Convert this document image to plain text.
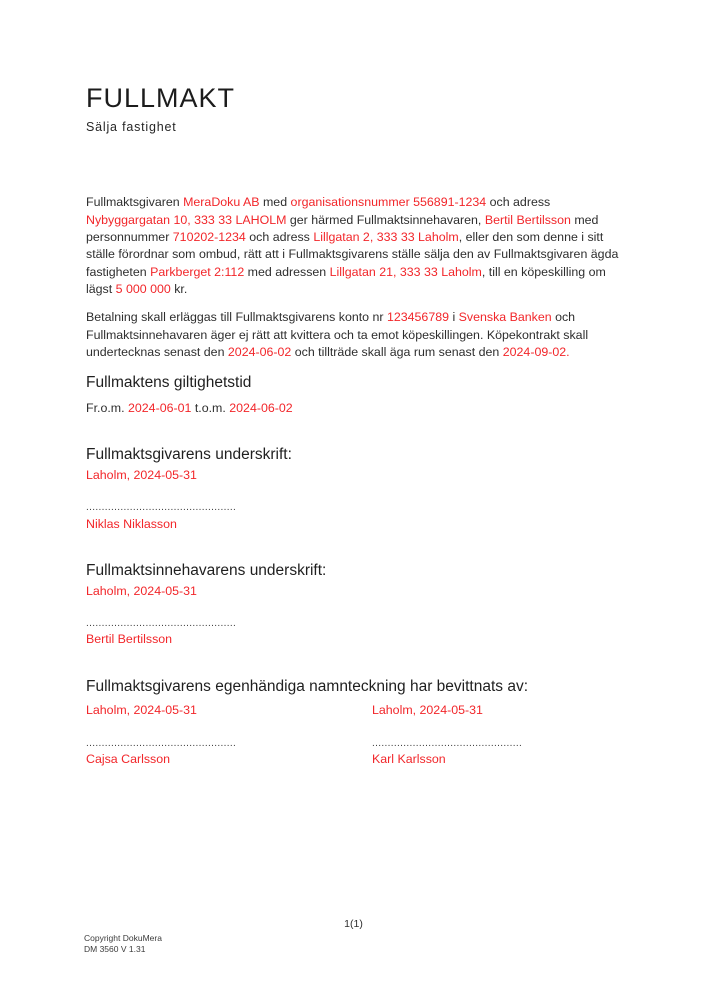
FULLMAKT
Sälja fastighet

Fullmaktsgivaren MeraDoku AB med organisationsnummer 556891-1234 och adress
Nybyggargatan 10, 333 33 LAHOLM ger härmed Fullmaktsinnehavaren, Bertil Bertilsson med
personnummer 710202-1234 och adress Lillgatan 2, 333 33 Laholm, eller den som denne i sitt
ställe förordnar som ombud, rätt att i Fullmaktsgivarens ställe sälja den av Fullmaktsgivaren ägda
fastigheten Parkberget 2:112 med adressen Lillgatan 21, 333 33 Laholm, till en köpeskilling om
lägst 5 000 000 kr.

Betalning skall erläggas till Fullmaktsgivarens konto nr 123456789 i Svenska Banken och
Fullmaktsinnehavaren äger ej rätt att kvittera och ta emot köpeskillingen. Köpekontrakt skall
undertecknas senast den 2024-06-02 och tillträde skall äga rum senast den 2024-09-02.

Fullmaktens giltighetstid
Fr.o.m. 2024-06-01 t.o.m. 2024-06-02
Fullmaktsgivarens underskrift:
Laholm, 2024-05-31
................................................
Niklas Niklasson
Fullmaktsinnehavarens underskrift:
Laholm, 2024-05-31
................................................
Bertil Bertilsson
Fullmaktsgivarens egenhändiga namnteckning har bevittnats av:
Laholm, 2024-05-31
................................................
Cajsa Carlsson
Laholm, 2024-05-31
................................................
Karl Karlsson
1(1)
Copyright DokuMera
DM 3560 V 1.31
